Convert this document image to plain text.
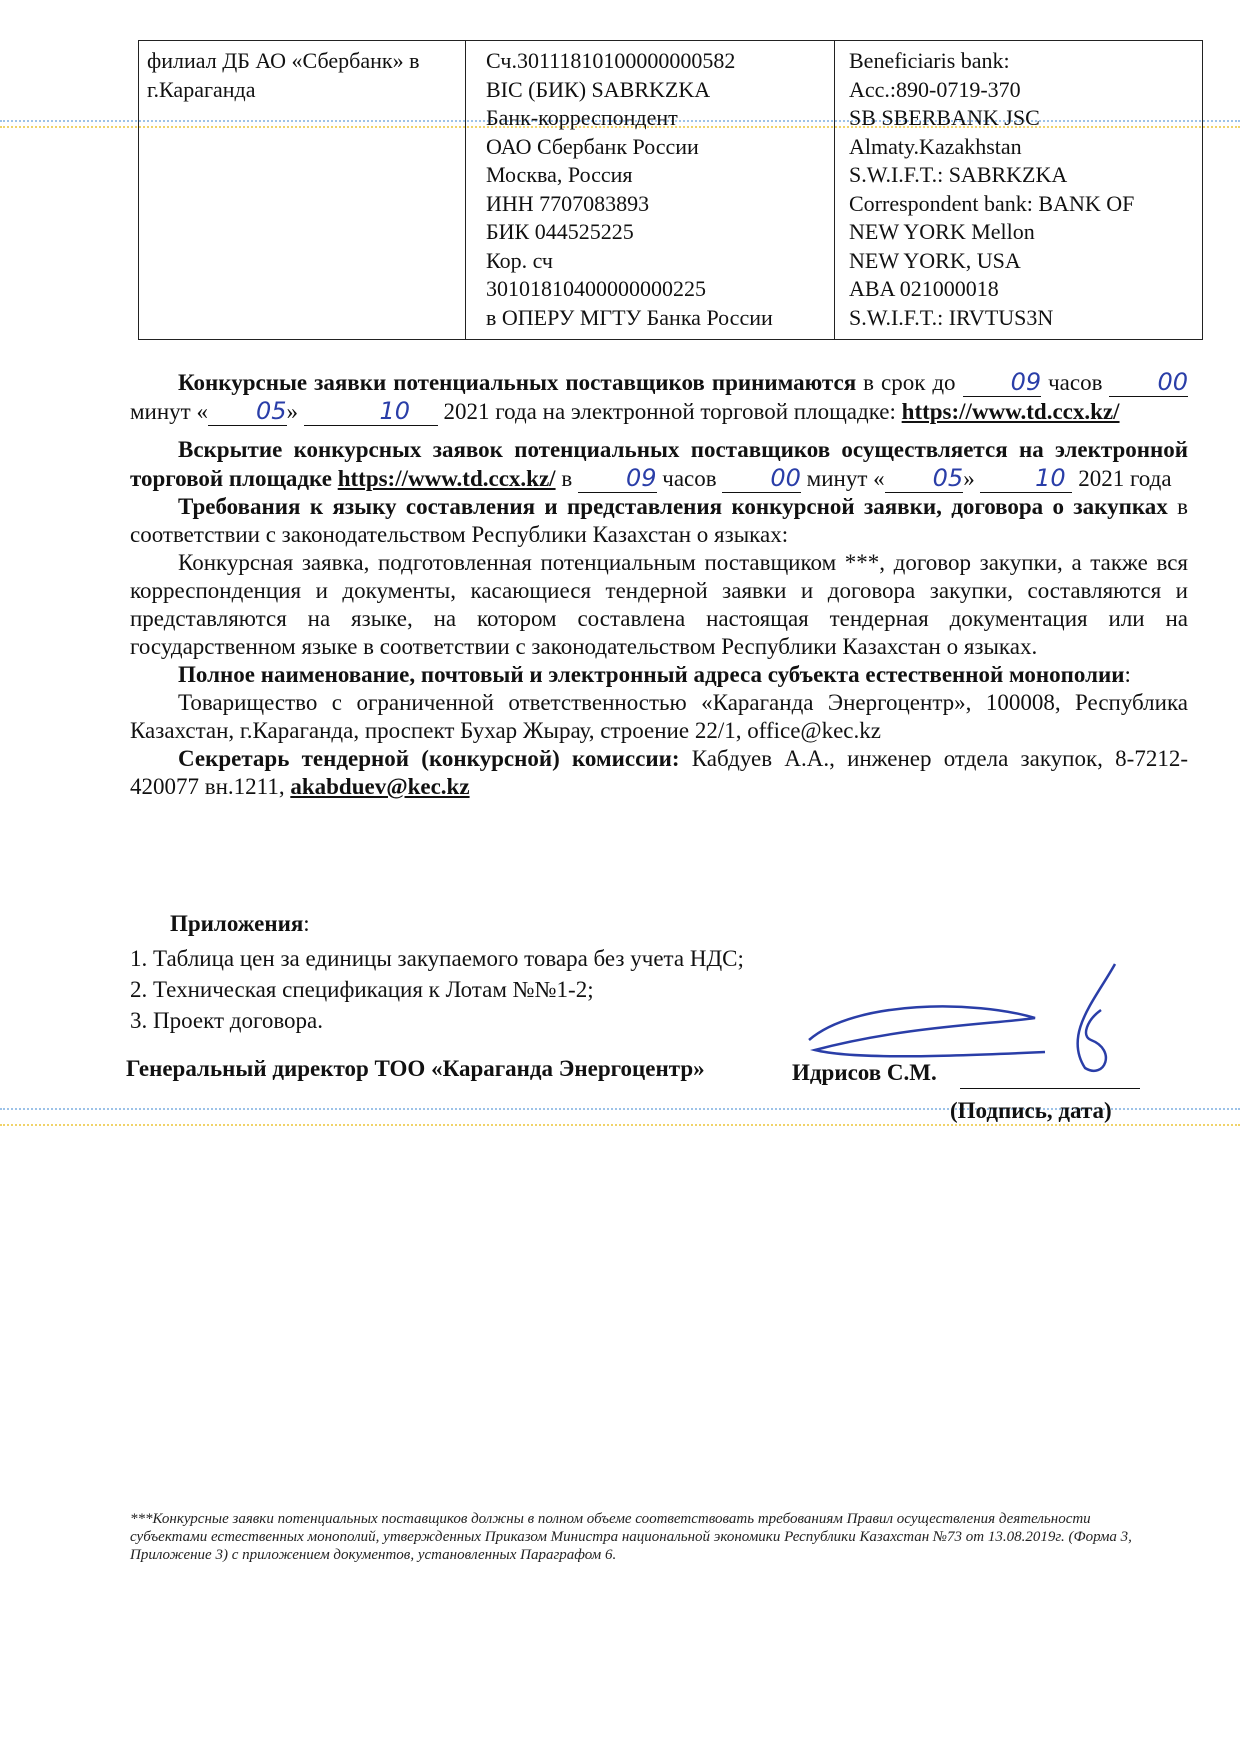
филиал ДБ АО «Сбербанк» в
г.Караганда

Сч.30111810100000000582
BIC (БИК) SABRKZKA
Банк-корреспондент
ОАО Сбербанк России
Москва, Россия
ИНН 7707083893
БИК 044525225
Кор. сч
30101810400000000225
в ОПЕРУ МГТУ Банка России

Beneficiaris bank:
Acc.:890-0719-370
SB SBERBANK JSC
Almaty.Kazakhstan
S.W.I.F.T.: SABRKZKA
Correspondent bank: BANK OF
NEW YORK Mellon
NEW YORK, USA
ABA 021000018
S.W.I.F.T.: IRVTUS3N

Конкурсные заявки потенциальных поставщиков принимаются в срок до 09 часов 00 минут « 05»	10 2021 года на электронной торговой площадке: https://www.td.ccx.kz/

Вскрытие конкурсных заявок потенциальных поставщиков осуществляется на электронной торговой площадке https://www.td.ccx.kz/ в 09 часов 00 минут « 05» 10 2021 года

Требования к языку составления и представления конкурсной заявки, договора о закупках в соответствии с законодательством Республики Казахстан о языках:

Конкурсная заявка, подготовленная потенциальным поставщиком ***, договор закупки, а также вся корреспонденция и документы, касающиеся тендерной заявки и договора закупки, составляются и представляются на языке, на котором составлена настоящая тендерная документация или на государственном языке в соответствии с законодательством Республики Казахстан о языках.

Полное наименование, почтовый и электронный адреса субъекта естественной монополии:

Товарищество с ограниченной ответственностью «Караганда Энергоцентр», 100008, Республика Казахстан, г.Караганда, проспект Бухар Жырау, строение 22/1, office@kec.kz

Секретарь тендерной (конкурсной) комиссии: Кабдуев А.А., инженер отдела закупок, 8-7212-420077 вн.1211, akabduev@kec.kz

Приложения:
1. Таблица цен за единицы закупаемого товара без учета НДС;
2. Техническая спецификация к Лотам №№1-2;
3. Проект договора.
Генеральный директор ТОО «Караганда Энергоцентр»	Идрисов С.М.
(Подпись, дата)
***Конкурсные заявки потенциальных поставщиков должны в полном объеме соответствовать требованиям Правил осуществления деятельности субъектами естественных монополий, утвержденных Приказом Министра национальной экономики Республики Казахстан №73 от 13.08.2019г. (Форма 3, Приложение 3) с приложением документов, установленных Параграфом 6.
